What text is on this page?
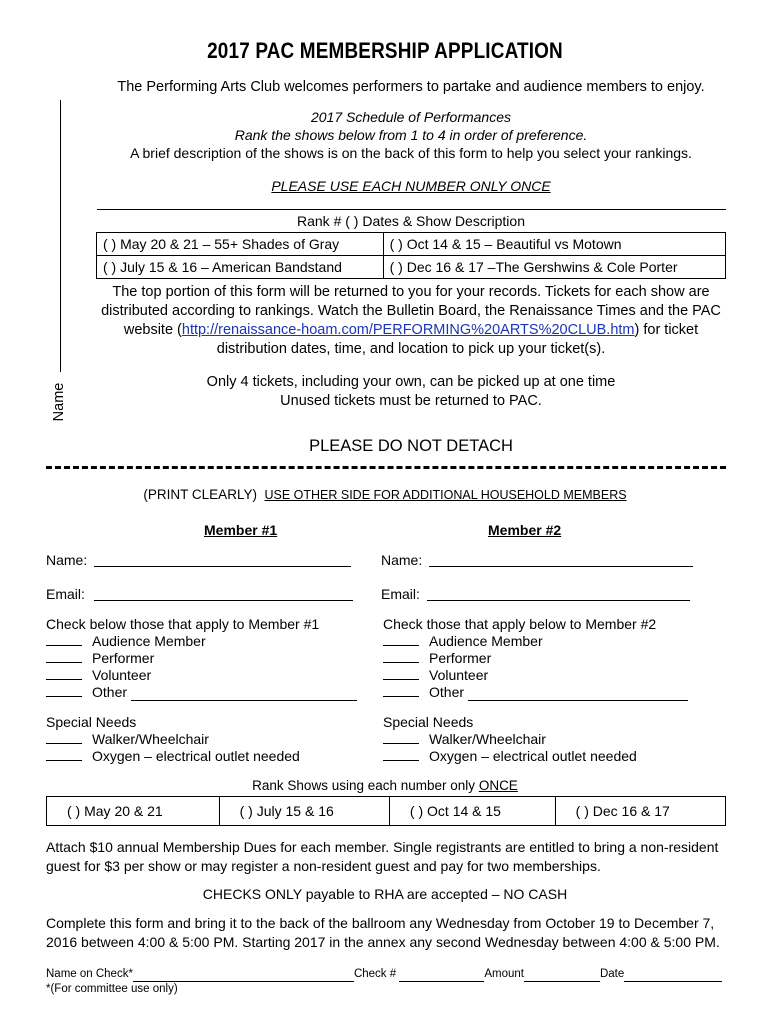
2017 PAC MEMBERSHIP APPLICATION
The Performing Arts Club welcomes performers to partake and audience members to enjoy.
2017 Schedule of Performances
Rank the shows below from 1 to 4 in order of preference.
A brief description of the shows is on the back of this form to help you select your rankings.
PLEASE USE EACH NUMBER ONLY ONCE
Name
Rank # ( ) Dates & Show Description	
( ) May 20 & 21 – 55+ Shades of Gray	( ) Oct 14 & 15 – Beautiful vs Motown
( ) July 15 & 16 – American Bandstand	( ) Dec 16 & 17 –The Gershwins & Cole Porter
The top portion of this form will be returned to you for your records. Tickets for each show are distributed according to rankings. Watch the Bulletin Board, the Renaissance Times and the PAC website (http://renaissance-hoam.com/PERFORMING%20ARTS%20CLUB.htm) for ticket distribution dates, time, and location to pick up your ticket(s).
Only 4 tickets, including your own, can be picked up at one time
Unused tickets must be returned to PAC.
PLEASE DO NOT DETACH
(PRINT CLEARLY) USE OTHER SIDE FOR ADDITIONAL HOUSEHOLD MEMBERS
Member #1	Member #2
Name:
Email:
Name:
Email:
Check below those that apply to Member #1
Audience Member
Performer
Volunteer
Other
Check those that apply below to Member #2
Audience Member
Performer
Volunteer
Other
Special Needs
Walker/Wheelchair
Oxygen – electrical outlet needed
Special Needs
Walker/Wheelchair
Oxygen – electrical outlet needed
Rank Shows using each number only ONCE
( ) May 20 & 21	( ) July 15 & 16	( ) Oct 14 & 15	( ) Dec 16 & 17
Attach $10 annual Membership Dues for each member. Single registrants are entitled to bring a non-resident guest for $3 per show or may register a non-resident guest and pay for two memberships.
CHECKS ONLY payable to RHA are accepted – NO CASH
Complete this form and bring it to the back of the ballroom any Wednesday from October 19 to December 7, 2016 between 4:00 & 5:00 PM. Starting 2017 in the annex any second Wednesday between 4:00 & 5:00 PM.
Name on Check*	Check #	Amount	Date
*(For committee use only)
